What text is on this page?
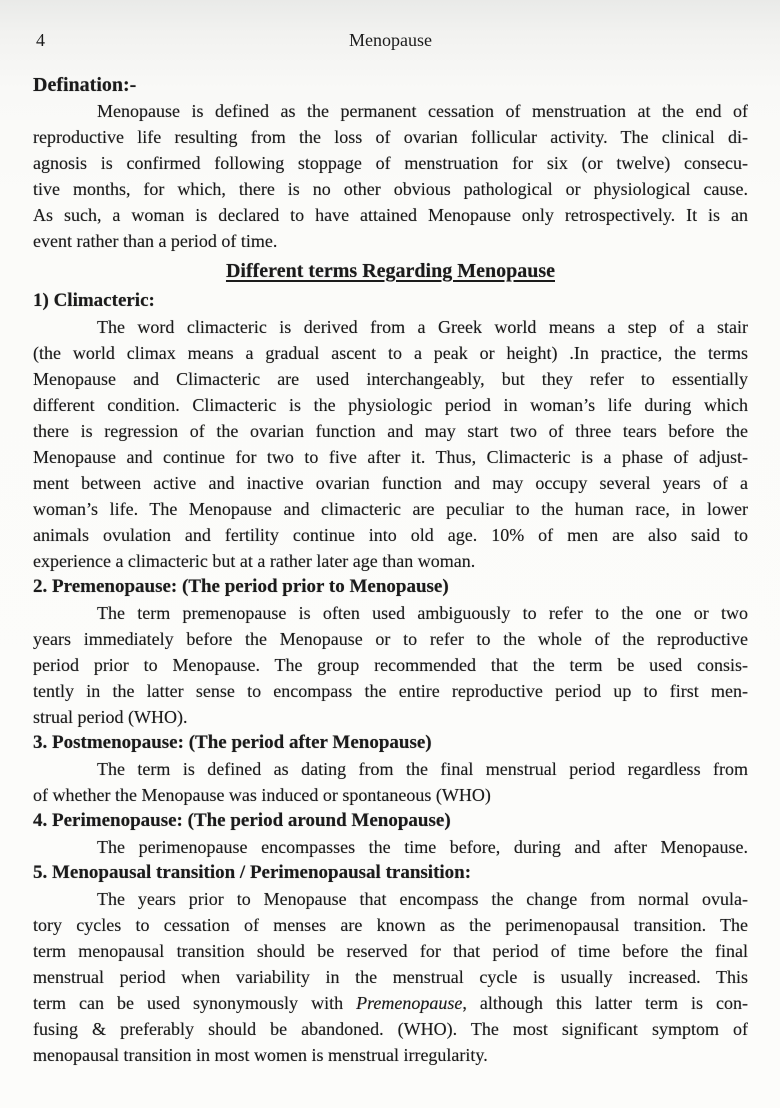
4	Menopause
Defination:-
Menopause is defined as the permanent cessation of menstruation at the end of
reproductive life resulting from the loss of ovarian follicular activity. The clinical di-
agnosis is confirmed following stoppage of menstruation for six (or twelve) consecu-
tive months, for which, there is no other obvious pathological or physiological cause.
As such, a woman is declared to have attained Menopause only retrospectively. It is an
event rather than a period of time.
Different terms Regarding Menopause
1) Climacteric:
The word climacteric is derived from a Greek world means a step of a stair
(the world climax means a gradual ascent to a peak or height) .In practice, the terms
Menopause and Climacteric are used interchangeably, but they refer to essentially
different condition. Climacteric is the physiologic period in woman’s life during which
there is regression of the ovarian function and may start two of three tears before the
Menopause and continue for two to five after it. Thus, Climacteric is a phase of adjust-
ment between active and inactive ovarian function and may occupy several years of a
woman’s life. The Menopause and climacteric are peculiar to the human race, in lower
animals ovulation and fertility continue into old age. 10% of men are also said to
experience a climacteric but at a rather later age than woman.
2. Premenopause: (The period prior to Menopause)
The term premenopause is often used ambiguously to refer to the one or two
years immediately before the Menopause or to refer to the whole of the reproductive
period prior to Menopause. The group recommended that the term be used consis-
tently in the latter sense to encompass the entire reproductive period up to first men-
strual period (WHO).
3. Postmenopause: (The period after Menopause)
The term is defined as dating from the final menstrual period regardless from
of whether the Menopause was induced or spontaneous (WHO)
4. Perimenopause: (The period around Menopause)
The perimenopause encompasses the time before, during and after Menopause.
5. Menopausal transition / Perimenopausal transition:
The years prior to Menopause that encompass the change from normal ovula-
tory cycles to cessation of menses are known as the perimenopausal transition. The
term menopausal transition should be reserved for that period of time before the final
menstrual period when variability in the menstrual cycle is usually increased. This
term can be used synonymously with Premenopause, although this latter term is con-
fusing & preferably should be abandoned. (WHO). The most significant symptom of
menopausal transition in most women is menstrual irregularity.
